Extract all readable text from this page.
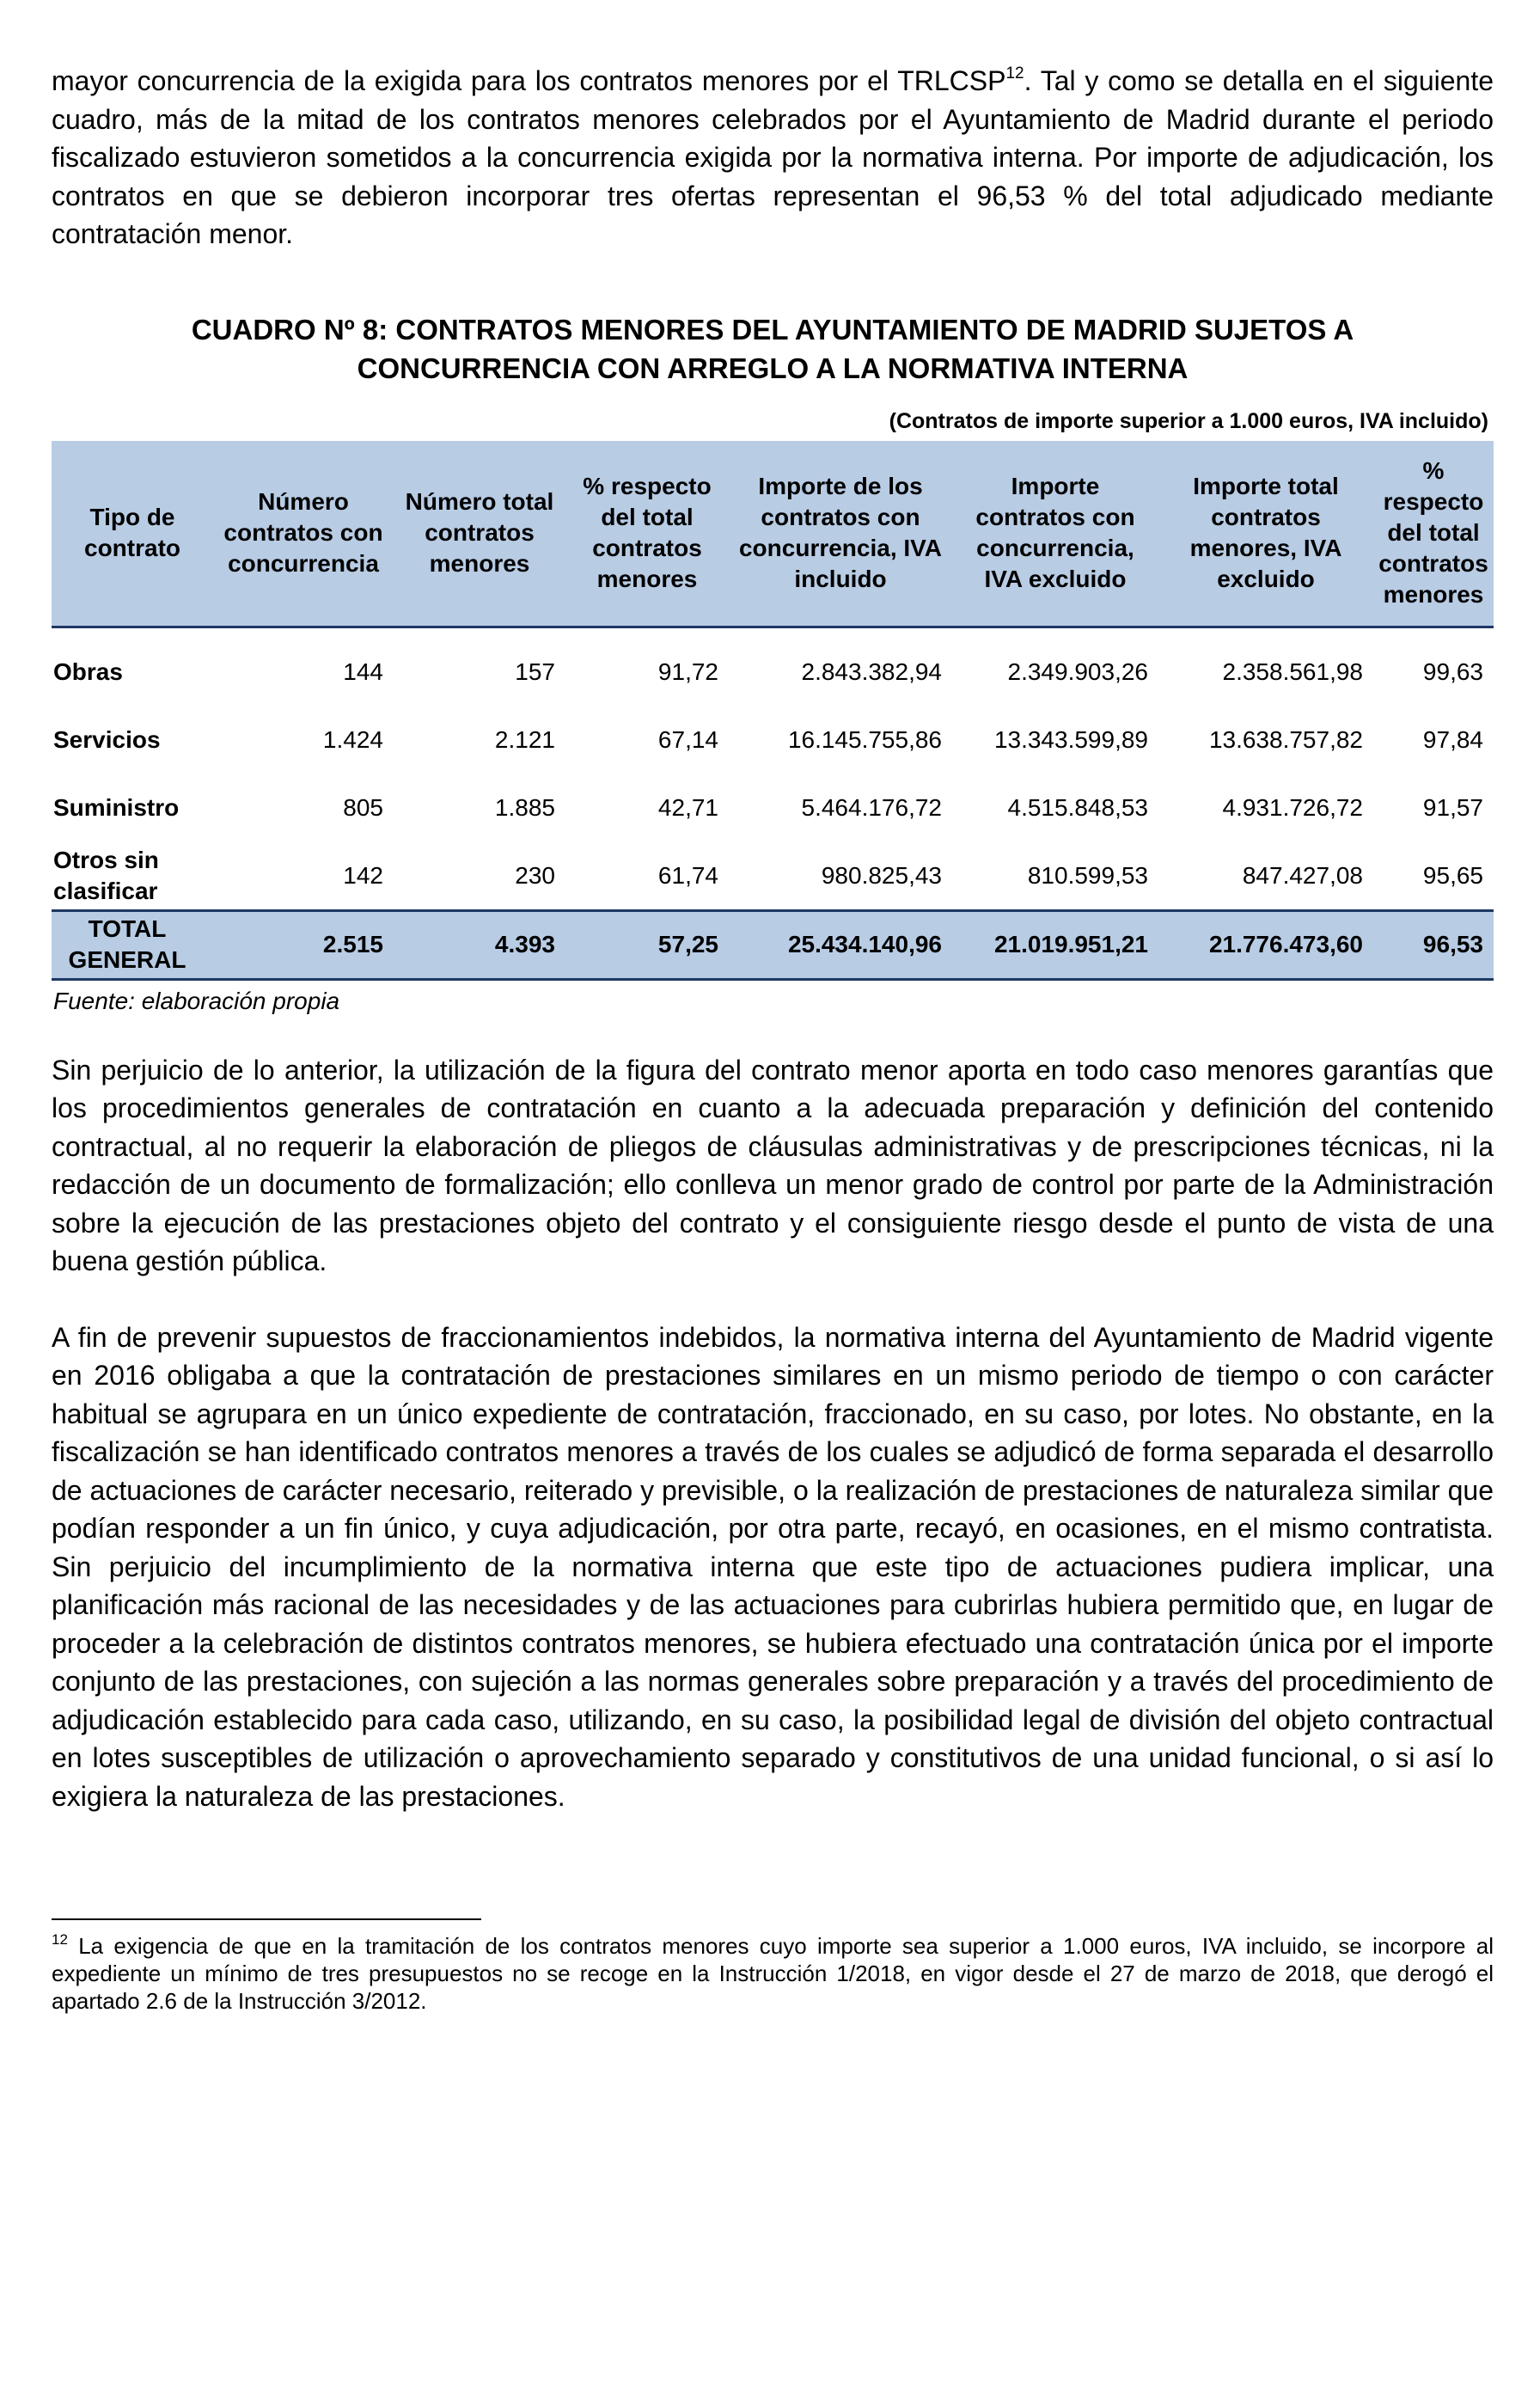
mayor concurrencia de la exigida para los contratos menores por el TRLCSP$^{12}$. Tal y como se detalla en el siguiente cuadro, más de la mitad de los contratos menores celebrados por el Ayuntamiento de Madrid durante el periodo fiscalizado estuvieron sometidos a la concurrencia exigida por la normativa interna. Por importe de adjudicación, los contratos en que se debieron incorporar tres ofertas representan el 96,53 % del total adjudicado mediante contratación menor.

CUADRO Nº 8: CONTRATOS MENORES DEL AYUNTAMIENTO DE MADRID SUJETOS A
CONCURRENCIA CON ARREGLO A LA NORMATIVA INTERNA

(Contratos de importe superior a 1.000 euros, IVA incluido)

Tipo de contrato	Número contratos con concurrencia	Número total contratos menores	% respecto del total contratos menores	Importe de los contratos con concurrencia, IVA incluido	Importe contratos con concurrencia, IVA excluido	Importe total contratos menores, IVA excluido	% respecto del total contratos menores

Obras	144	157	91,72	2.843.382,94	2.349.903,26	2.358.561,98	99,63
Servicios	1.424	2.121	67,14	16.145.755,86	13.343.599,89	13.638.757,82	97,84
Suministro	805	1.885	42,71	5.464.176,72	4.515.848,53	4.931.726,72	91,57
Otros sin clasificar	142	230	61,74	980.825,43	810.599,53	847.427,08	95,65
TOTAL GENERAL	2.515	4.393	57,25	25.434.140,96	21.019.951,21	21.776.473,60	96,53

Fuente: elaboración propia

Sin perjuicio de lo anterior, la utilización de la figura del contrato menor aporta en todo caso menores garantías que los procedimientos generales de contratación en cuanto a la adecuada preparación y definición del contenido contractual, al no requerir la elaboración de pliegos de cláusulas administrativas y de prescripciones técnicas, ni la redacción de un documento de formalización; ello conlleva un menor grado de control por parte de la Administración sobre la ejecución de las prestaciones objeto del contrato y el consiguiente riesgo desde el punto de vista de una buena gestión pública.

A fin de prevenir supuestos de fraccionamientos indebidos, la normativa interna del Ayuntamiento de Madrid vigente en 2016 obligaba a que la contratación de prestaciones similares en un mismo periodo de tiempo o con carácter habitual se agrupara en un único expediente de contratación, fraccionado, en su caso, por lotes. No obstante, en la fiscalización se han identificado contratos menores a través de los cuales se adjudicó de forma separada el desarrollo de actuaciones de carácter necesario, reiterado y previsible, o la realización de prestaciones de naturaleza similar que podían responder a un fin único, y cuya adjudicación, por otra parte, recayó, en ocasiones, en el mismo contratista. Sin perjuicio del incumplimiento de la normativa interna que este tipo de actuaciones pudiera implicar, una planificación más racional de las necesidades y de las actuaciones para cubrirlas hubiera permitido que, en lugar de proceder a la celebración de distintos contratos menores, se hubiera efectuado una contratación única por el importe conjunto de las prestaciones, con sujeción a las normas generales sobre preparación y a través del procedimiento de adjudicación establecido para cada caso, utilizando, en su caso, la posibilidad legal de división del objeto contractual en lotes susceptibles de utilización o aprovechamiento separado y constitutivos de una unidad funcional, o si así lo exigiera la naturaleza de las prestaciones.

$^{12}$ La exigencia de que en la tramitación de los contratos menores cuyo importe sea superior a 1.000 euros, IVA incluido, se incorpore al expediente un mínimo de tres presupuestos no se recoge en la Instrucción 1/2018, en vigor desde el 27 de marzo de 2018, que derogó el apartado 2.6 de la Instrucción 3/2012.
